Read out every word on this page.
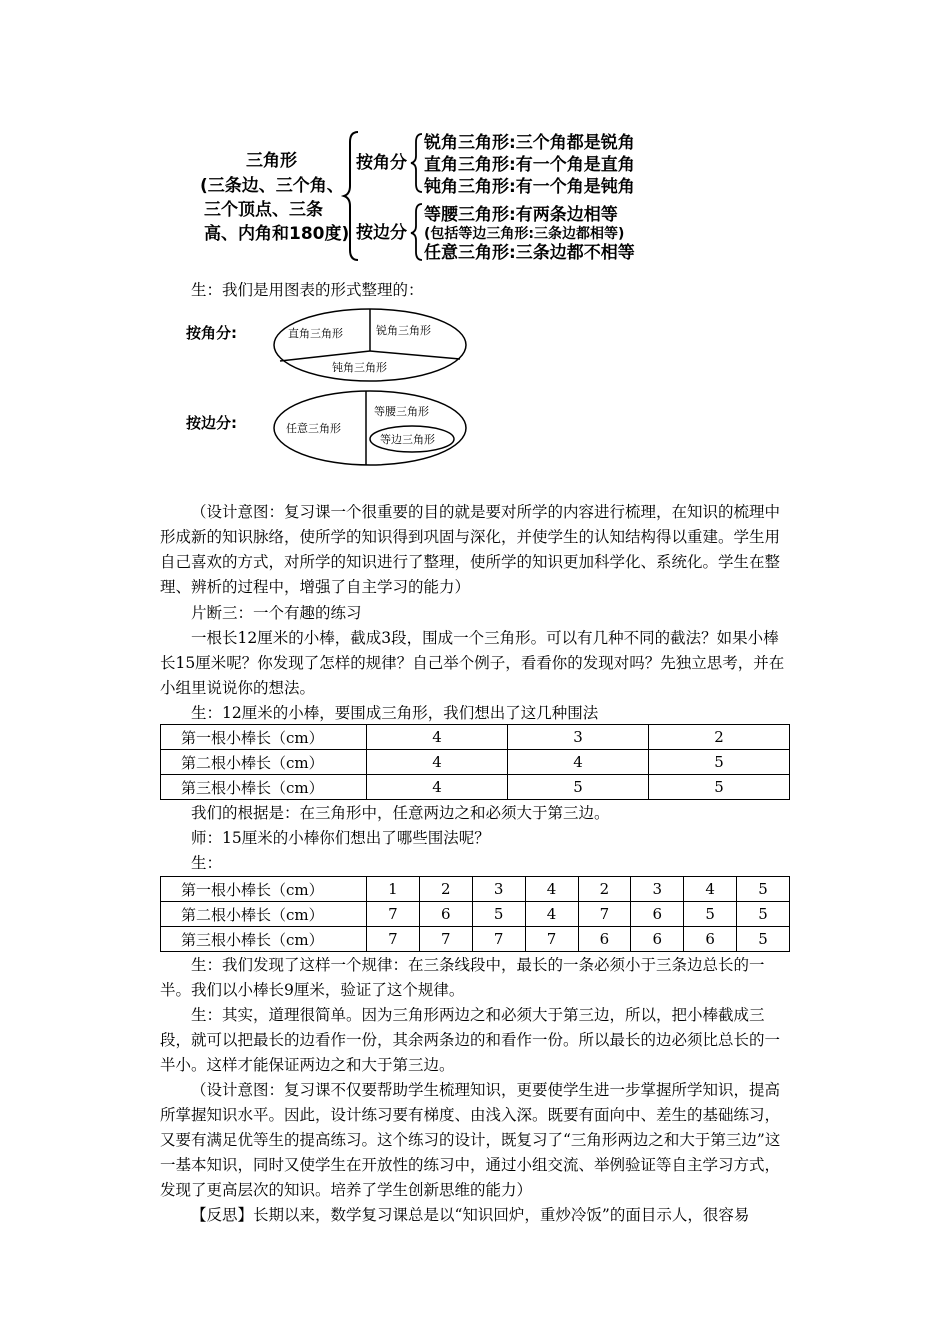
三角形
(三条边、三个角、
三个顶点、三条
高、内角和180度)
按角分
按边分
锐角三角形:三个角都是锐角
直角三角形:有一个角是直角
钝角三角形:有一个角是钝角
等腰三角形:有两条边相等
(包括等边三角形:三条边都相等)
任意三角形:三条边都不相等
生：我们是用图表的形式整理的：
按角分:	直角三角形	锐角三角形
钝角三角形
按边分:	任意三角形
等腰三角形
等边三角形
（设计意图：复习课一个很重要的目的就是要对所学的内容进行梳理，在知识的梳理中形成新的知识脉络，使所学的知识得到巩固与深化，并使学生的认知结构得以重建。学生用自己喜欢的方式，对所学的知识进行了整理，使所学的知识更加科学化、系统化。学生在整理、辨析的过程中，增强了自主学习的能力）
片断三：一个有趣的练习
一根长12厘米的小棒，截成3段，围成一个三角形。可以有几种不同的截法？如果小棒长15厘米呢？你发现了怎样的规律？自己举个例子，看看你的发现对吗？先独立思考，并在小组里说说你的想法。
生：12厘米的小棒，要围成三角形，我们想出了这几种围法
第一根小棒长（cm）	4	3	2
第二根小棒长（cm）	4	4	5
第三根小棒长（cm）	4	5	5
我们的根据是：在三角形中，任意两边之和必须大于第三边。
师：15厘米的小棒你们想出了哪些围法呢？
生：
第一根小棒长（cm）	1	2	3	4	2	3	4	5
第二根小棒长（cm）	7	6	5	4	7	6	5	5
第三根小棒长（cm）	7	7	7	7	6	6	6	5
生：我们发现了这样一个规律：在三条线段中，最长的一条必须小于三条边总长的一半。我们以小棒长9厘米，验证了这个规律。
生：其实，道理很简单。因为三角形两边之和必须大于第三边，所以，把小棒截成三段，就可以把最长的边看作一份，其余两条边的和看作一份。所以最长的边必须比总长的一半小。这样才能保证两边之和大于第三边。
（设计意图：复习课不仅要帮助学生梳理知识，更要使学生进一步掌握所学知识，提高所掌握知识水平。因此，设计练习要有梯度、由浅入深。既要有面向中、差生的基础练习，又要有满足优等生的提高练习。这个练习的设计，既复习了“三角形两边之和大于第三边”这一基本知识，同时又使学生在开放性的练习中，通过小组交流、举例验证等自主学习方式，发现了更高层次的知识。培养了学生创新思维的能力）
【反思】长期以来，数学复习课总是以“知识回炉，重炒冷饭”的面目示人，很容易
